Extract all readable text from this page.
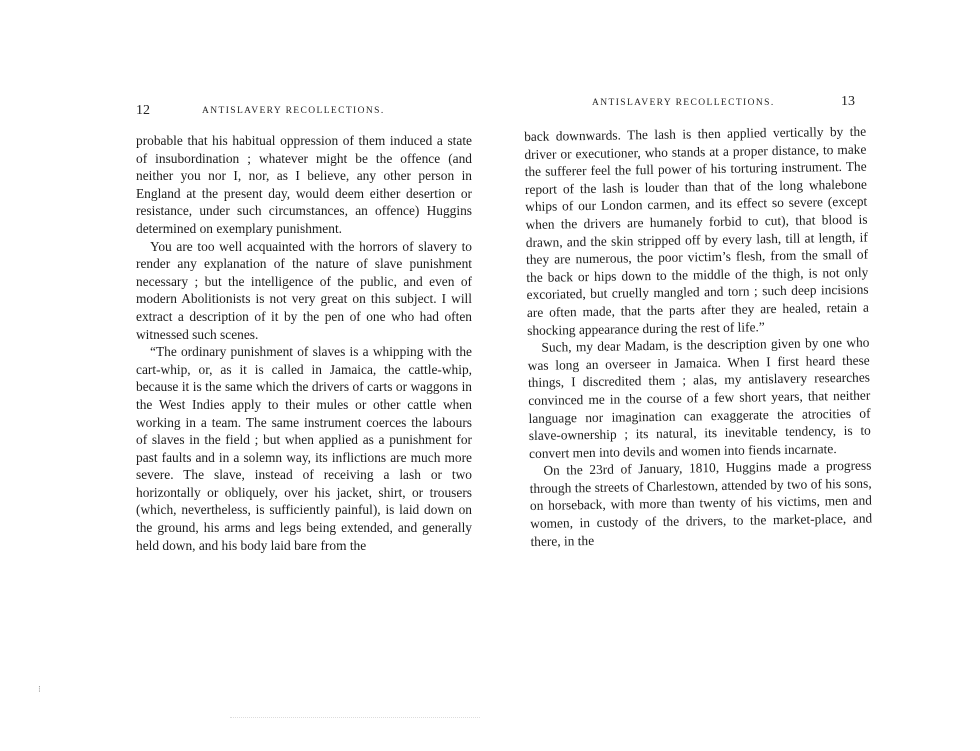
12	ANTISLAVERY RECOLLECTIONS.

probable that his habitual oppression of them induced a state of insubordination ; whatever might be the offence (and neither you nor I, nor, as I believe, any other person in England at the present day, would deem either desertion or resistance, under such circumstances, an offence) Huggins determined on exemplary punishment.

You are too well acquainted with the horrors of slavery to render any explanation of the nature of slave punishment necessary ; but the intelligence of the public, and even of modern Abolitionists is not very great on this subject. I will extract a description of it by the pen of one who had often witnessed such scenes.

“The ordinary punishment of slaves is a whipping with the cart-whip, or, as it is called in Jamaica, the cattle-whip, because it is the same which the drivers of carts or waggons in the West Indies apply to their mules or other cattle when working in a team. The same instrument coerces the labours of slaves in the field ; but when applied as a punishment for past faults and in a solemn way, its inflictions are much more severe. The slave, instead of receiving a lash or two horizontally or obliquely, over his jacket, shirt, or trousers (which, nevertheless, is sufficiently painful), is laid down on the ground, his arms and legs being extended, and generally held down, and his body laid bare from the

⁝
ANTISLAVERY RECOLLECTIONS.	13

back downwards. The lash is then applied vertically by the driver or executioner, who stands at a proper distance, to make the sufferer feel the full power of his torturing instrument. The report of the lash is louder than that of the long whalebone whips of our London carmen, and its effect so severe (except when the drivers are humanely forbid to cut), that blood is drawn, and the skin stripped off by every lash, till at length, if they are numerous, the poor victim’s flesh, from the small of the back or hips down to the middle of the thigh, is not only excoriated, but cruelly mangled and torn ; such deep incisions are often made, that the parts after they are healed, retain a shocking appearance during the rest of life.”

Such, my dear Madam, is the description given by one who was long an overseer in Jamaica. When I first heard these things, I discredited them ; alas, my antislavery researches convinced me in the course of a few short years, that neither language nor imagination can exaggerate the atrocities of slave-ownership ; its natural, its inevitable tendency, is to convert men into devils and women into fiends incarnate.

On the 23rd of January, 1810, Huggins made a progress through the streets of Charlestown, attended by two of his sons, on horseback, with more than twenty of his victims, men and women, in custody of the drivers, to the market-place, and there, in the
